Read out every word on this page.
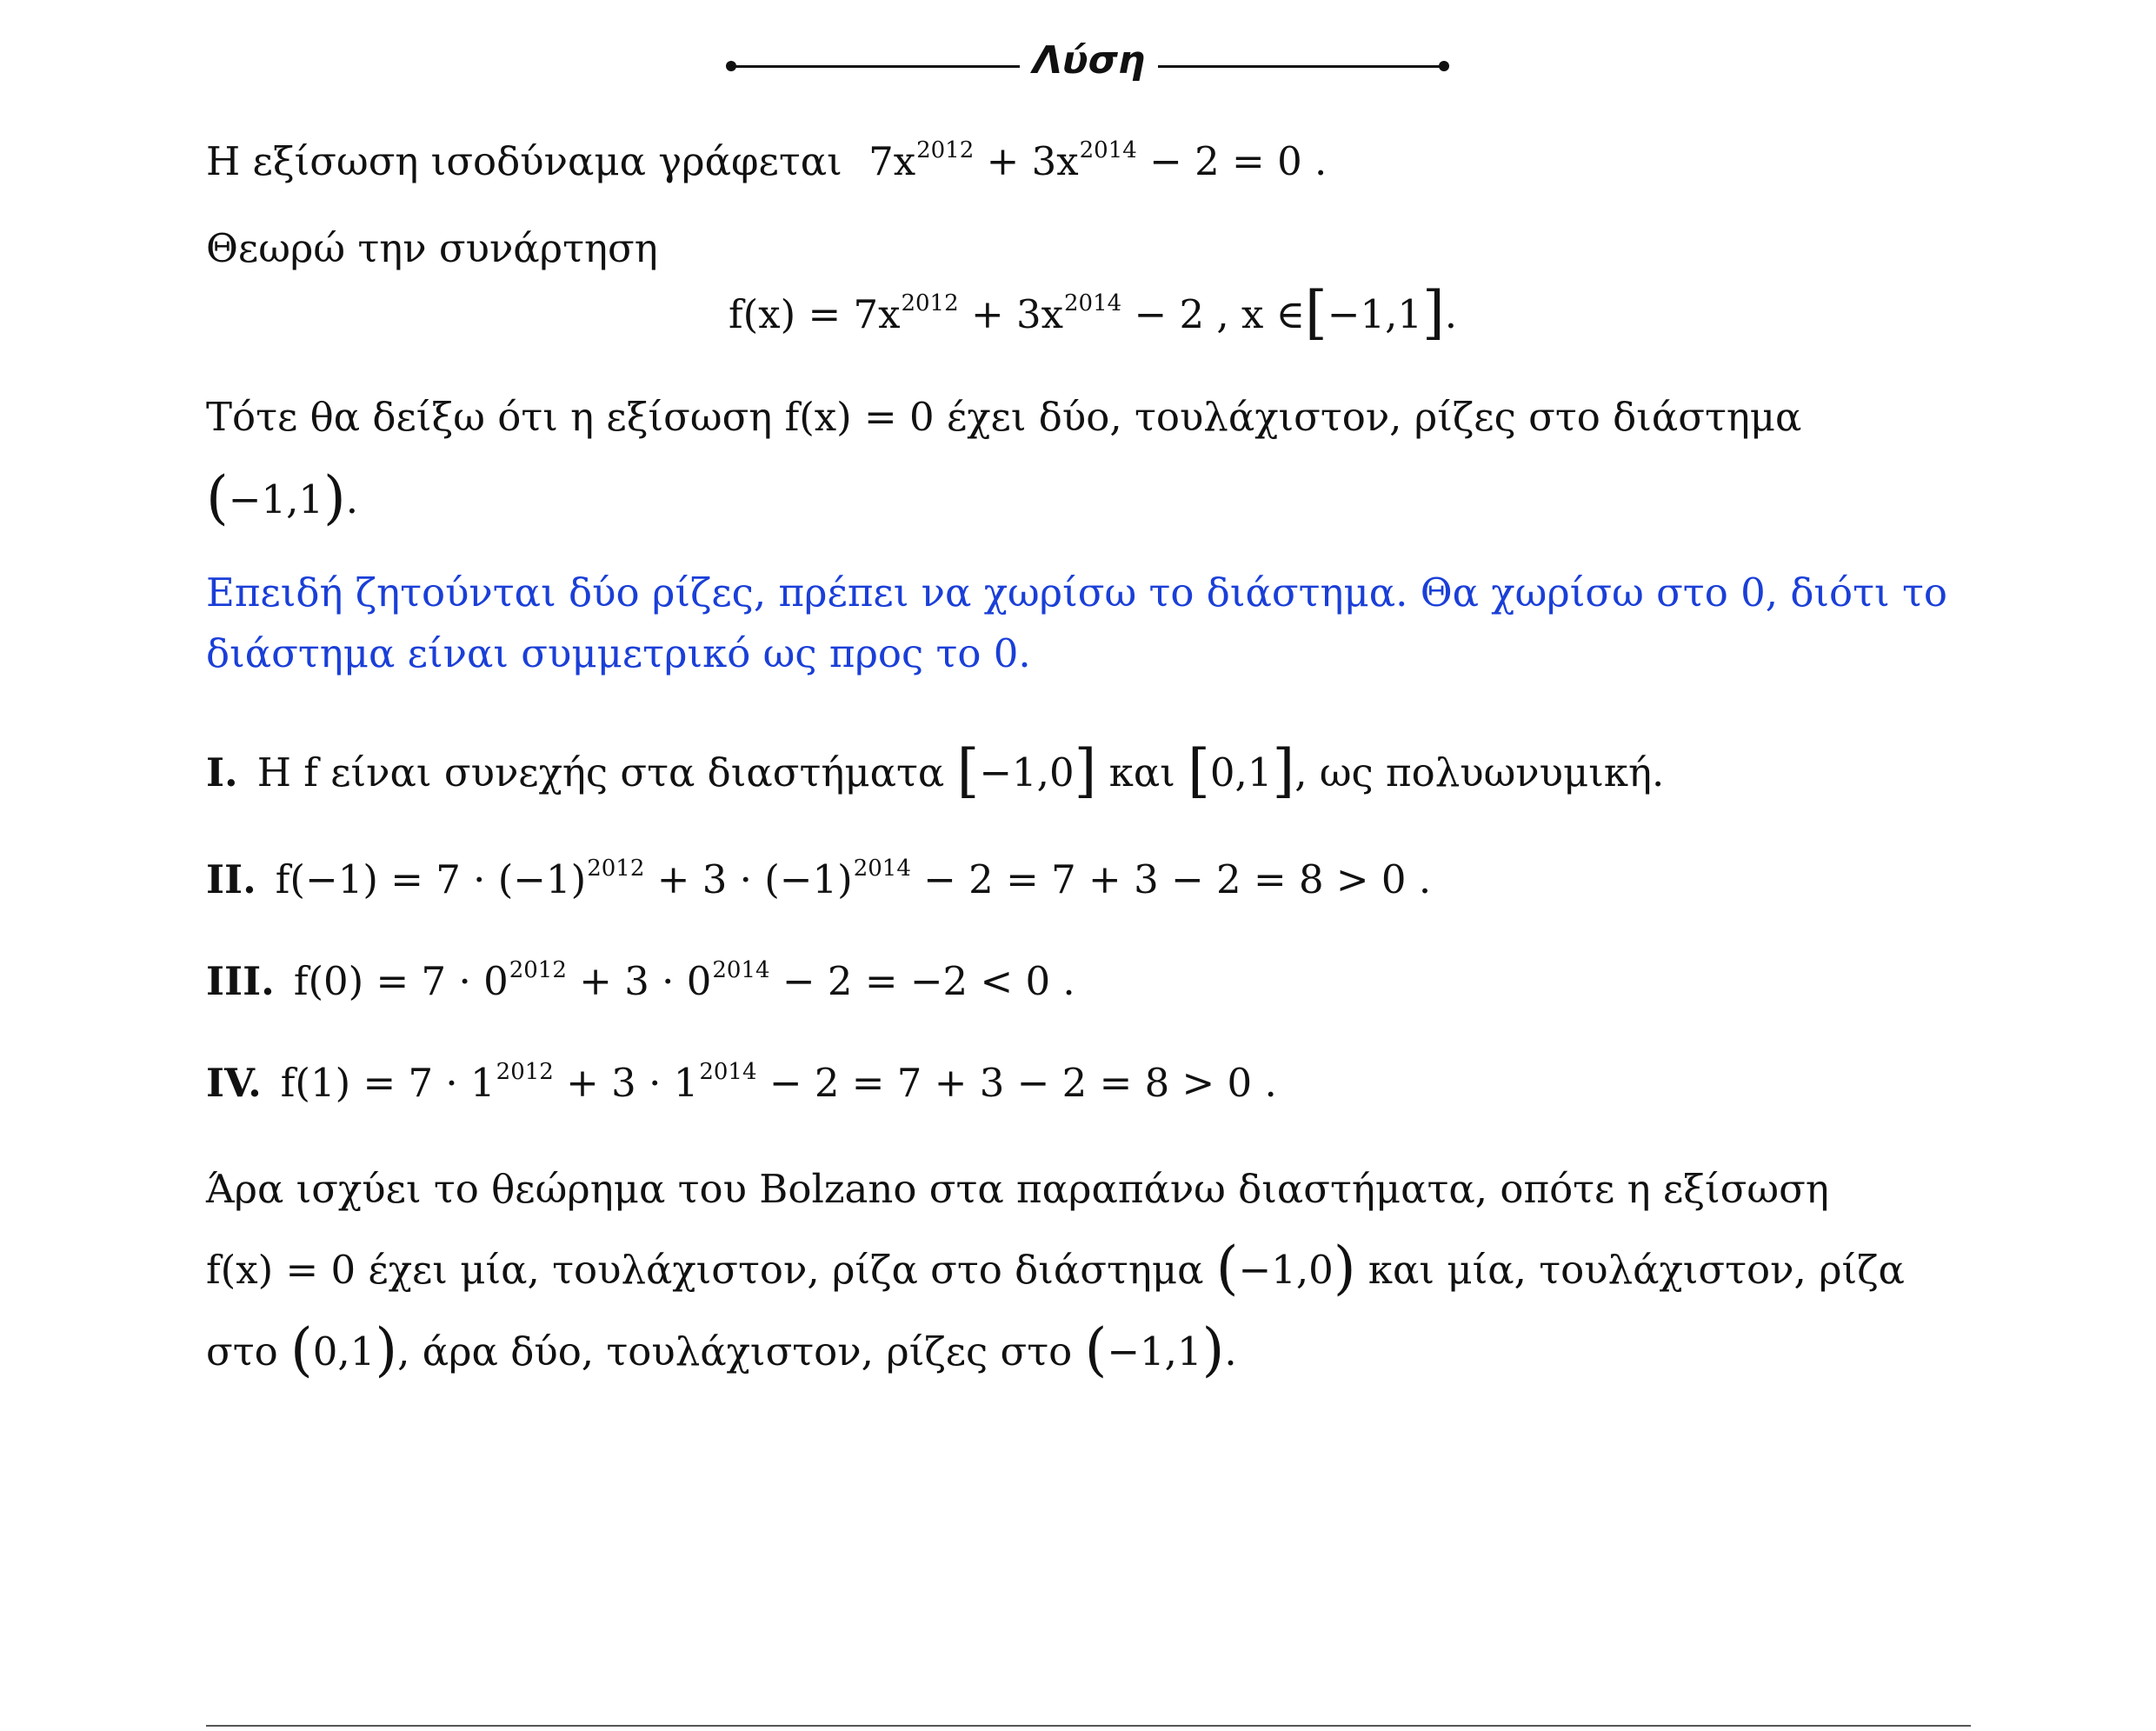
Λύση
Η εξίσωση ισοδύναμα γράφεται $7x^{2012} + 3x^{2014} - 2 = 0$ .
Θεωρώ την συνάρτηση
$f(x) = 7x^{2012} + 3x^{2014} - 2$ , x ∈[−1,1].
Τότε θα δείξω ότι η εξίσωση f(x) = 0 έχει δύο, τουλάχιστον, ρίζες στο διάστημα
(−1,1).
Επειδή ζητούνται δύο ρίζες, πρέπει να χωρίσω το διάστημα. Θα χωρίσω στο 0, διότι το
διάστημα είναι συμμετρικό ως προς το 0.
I. Η f είναι συνεχής στα διαστήματα [−1,0] και [0,1], ως πολυωνυμική.
II. $f(-1) = 7 \cdot (-1)^{2012} + 3 \cdot (-1)^{2014} - 2 = 7 + 3 - 2 = 8 > 0$ .
III. $f(0) = 7 \cdot 0^{2012} + 3 \cdot 0^{2014} - 2 = -2 < 0$ .
IV. $f(1) = 7 \cdot 1^{2012} + 3 \cdot 1^{2014} - 2 = 7 + 3 - 2 = 8 > 0$ .
Άρα ισχύει το θεώρημα του Bolzano στα παραπάνω διαστήματα, οπότε η εξίσωση
f(x) = 0 έχει μία, τουλάχιστον, ρίζα στο διάστημα (−1,0) και μία, τουλάχιστον, ρίζα
στο (0,1), άρα δύο, τουλάχιστον, ρίζες στο (−1,1).
